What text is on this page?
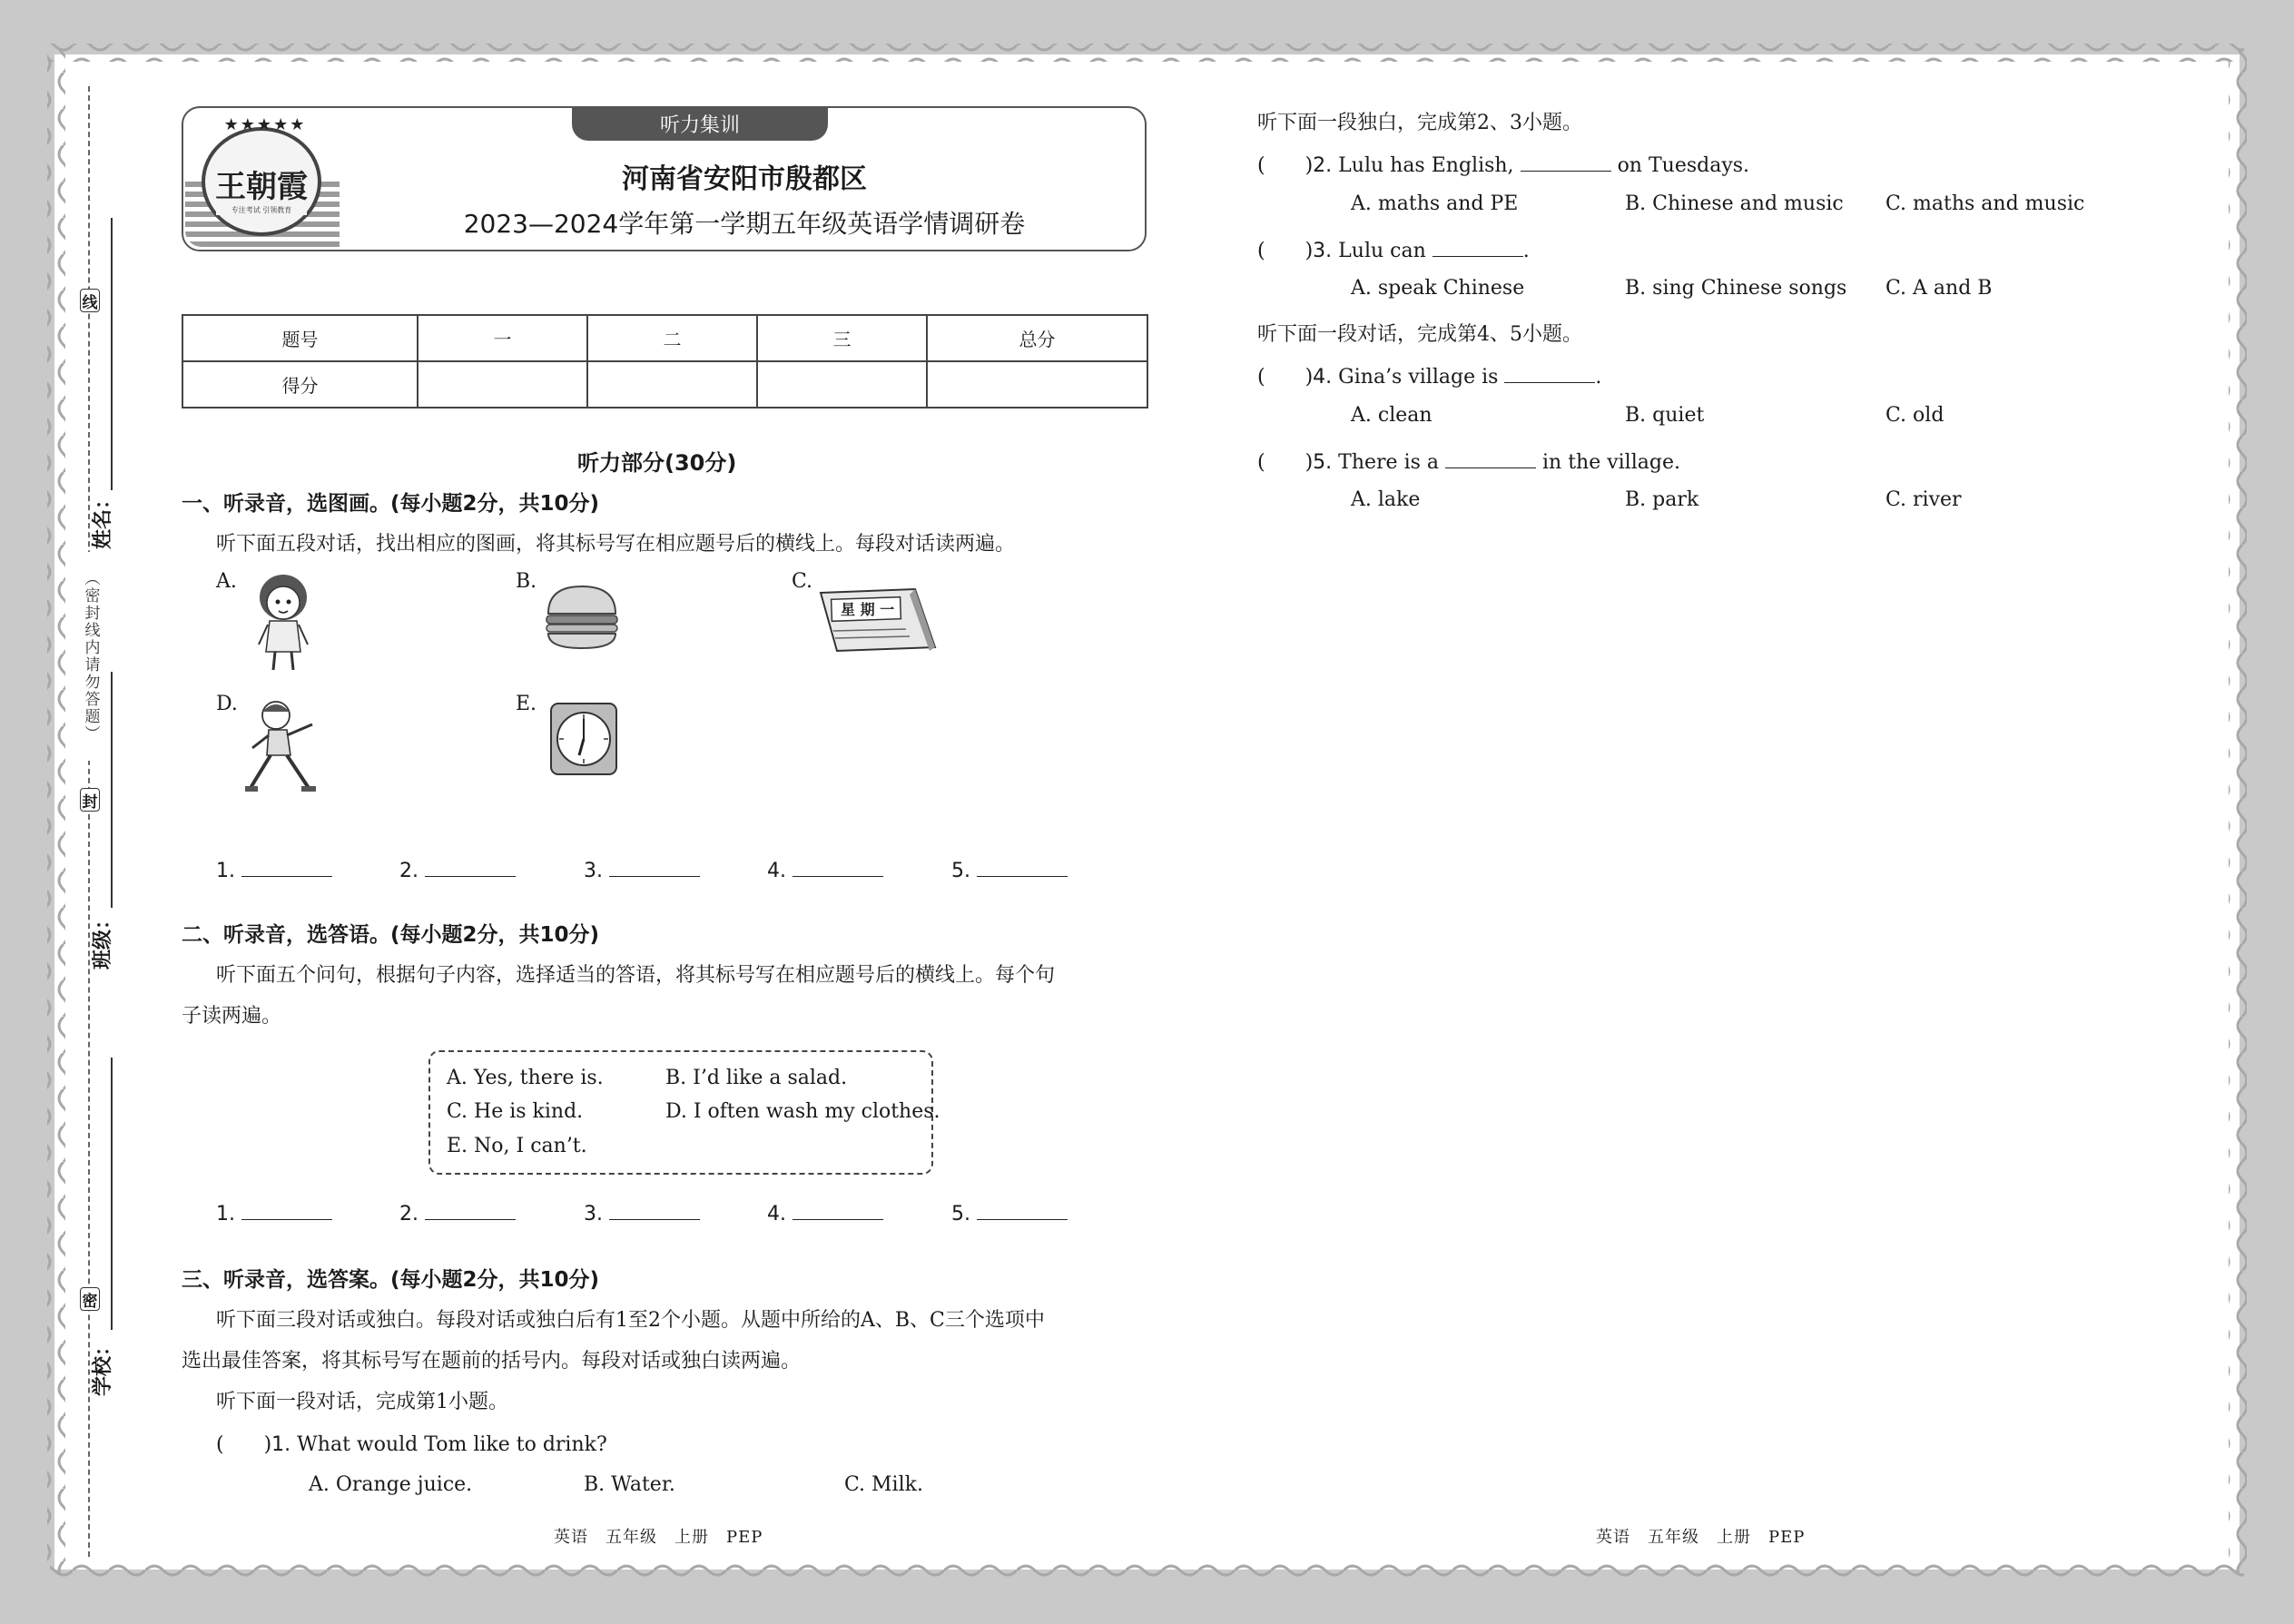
线
封
密
（密封线内请勿答题）
姓名：
班级：
学校：
★★★★★
王朝霞
专注考试 引领教育
听力集训
河南省安阳市殷都区
2023—2024学年第一学期五年级英语学情调研卷
题号	一	二	三	总分
得分				
听力部分(30分)
一、听录音，选图画。(每小题2分，共10分)
听下面五段对话，找出相应的图画，将其标号写在相应题号后的横线上。每段对话读两遍。
A.	B.	C.
星 期 一
D.	E.
1.	2.	3.	4.	5.
二、听录音，选答语。(每小题2分，共10分)
听下面五个问句，根据句子内容，选择适当的答语，将其标号写在相应题号后的横线上。每个句
子读两遍。
A. Yes, there is.	B. I’d like a salad.
C. He is kind.	D. I often wash my clothes.
E. No, I can’t.
1.	2.	3.	4.	5.
三、听录音，选答案。(每小题2分，共10分)
听下面三段对话或独白。每段对话或独白后有1至2个小题。从题中所给的A、B、C三个选项中
选出最佳答案，将其标号写在题前的括号内。每段对话或独白读两遍。
听下面一段对话，完成第1小题。
(　　)1. What would Tom like to drink?
A. Orange juice.	B. Water.	C. Milk.
英语　五年级　上册　PEP
听下面一段独白，完成第2、3小题。
(　　)2. Lulu has English,	on Tuesdays.
A. maths and PE	B. Chinese and music C. maths and music
(　　)3. Lulu can	.
A. speak Chinese	B. sing Chinese songs C. A and B
听下面一段对话，完成第4、5小题。
(　　)4. Gina’s village is	.
A. clean	B. quiet	C. old
(　　)5. There is a	in the village.
A. lake	B. park	C. river
英语　五年级　上册　PEP
